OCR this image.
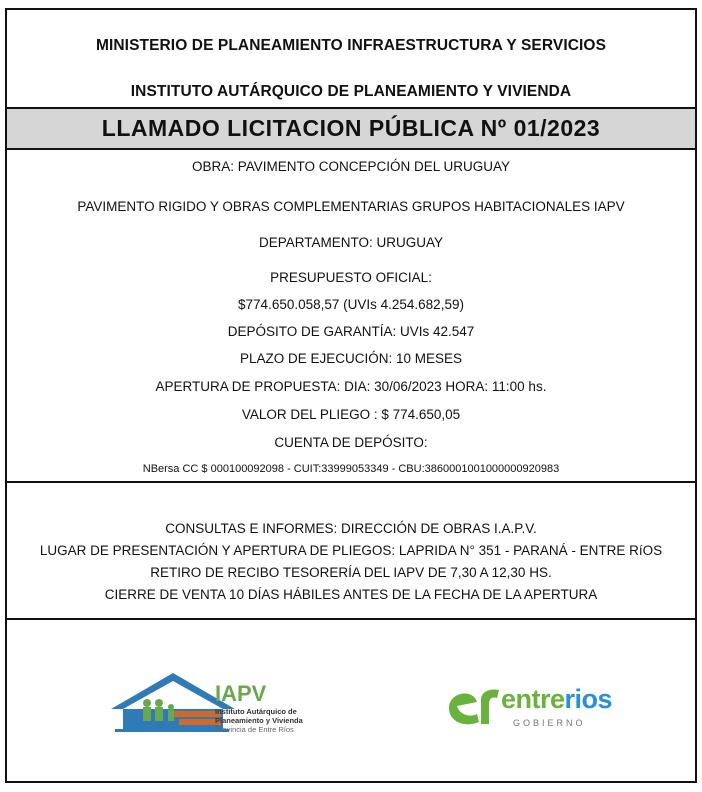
MINISTERIO DE PLANEAMIENTO INFRAESTRUCTURA Y SERVICIOS
INSTITUTO AUTÁRQUICO DE PLANEAMIENTO Y VIVIENDA
LLAMADO LICITACION PÚBLICA Nº 01/2023
OBRA: PAVIMENTO CONCEPCIÓN DEL URUGUAY
PAVIMENTO RIGIDO Y OBRAS COMPLEMENTARIAS GRUPOS HABITACIONALES IAPV
DEPARTAMENTO: URUGUAY
PRESUPUESTO OFICIAL:
$774.650.058,57 (UVIs 4.254.682,59)
DEPÓSITO DE GARANTÍA: UVIs 42.547
PLAZO DE EJECUCIÓN: 10 MESES
APERTURA DE PROPUESTA: DIA: 30/06/2023 HORA: 11:00 hs.
VALOR DEL PLIEGO : $ 774.650,05
CUENTA DE DEPÓSITO:
NBersa CC $ 000100092098 - CUIT:33999053349 - CBU:3860001001000000920983
CONSULTAS E INFORMES: DIRECCIÓN DE OBRAS I.A.P.V.
LUGAR DE PRESENTACIÓN Y APERTURA DE PLIEGOS: LAPRIDA N° 351 - PARANÁ - ENTRE RíOS
RETIRO DE RECIBO TESORERÍA DEL IAPV DE 7,30 A 12,30 HS.
CIERRE DE VENTA 10 DÍAS HÁBILES ANTES DE LA FECHA DE LA APERTURA
IAPV
Instituto Autárquico de
Planeamiento y Vivienda
Provincia de Entre Ríos
entrerios
GOBIERNO
